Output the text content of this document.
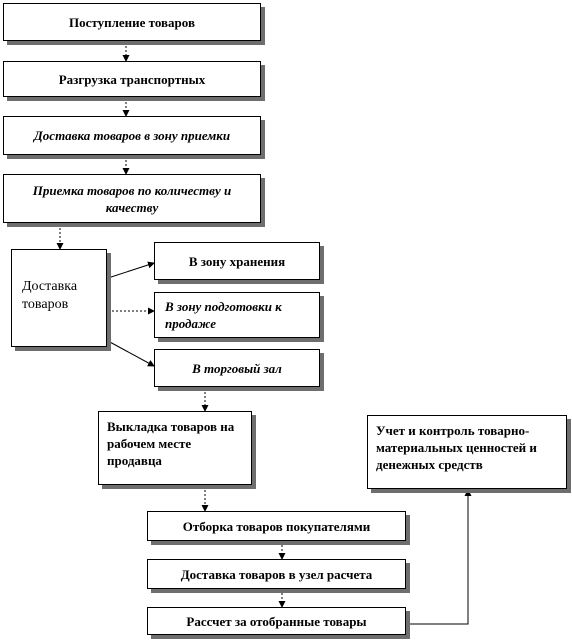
Поступление товаров
Разгрузка транспортных
Доставка товаров в зону приемки
Приемка товаров по количеству и качеству
Доставка товаров
В зону хранения
В зону подготовки к продаже
В торговый зал
Выкладка товаров на рабочем месте продавца
Учет и контроль товарно-материальных ценностей и денежных средств
Отборка товаров покупателями
Доставка товаров в узел расчета
Рассчет за отобранные товары
